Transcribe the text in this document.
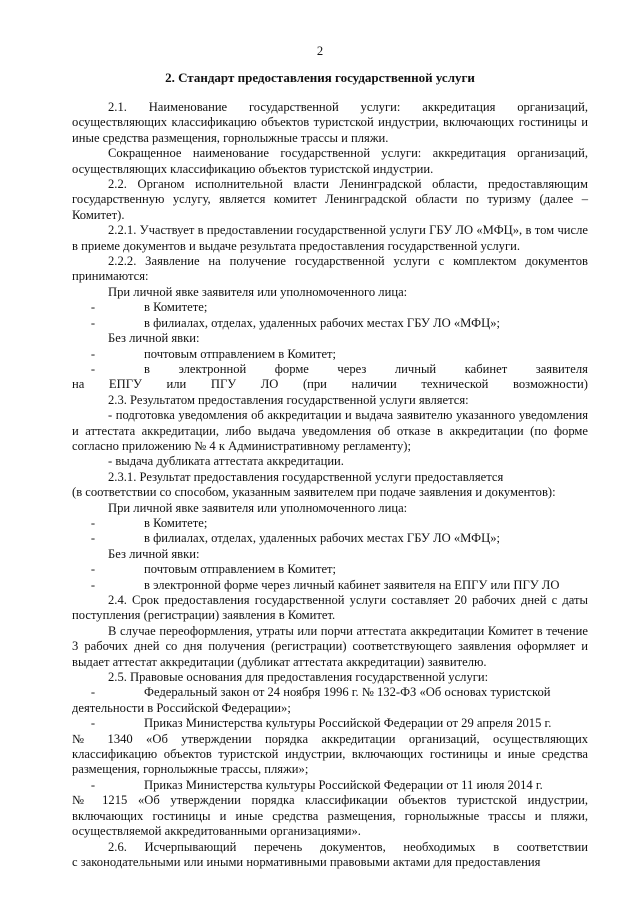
2
2. Стандарт предоставления государственной услуги
2.1. Наименование государственной услуги: аккредитация организаций,

осуществляющих классификацию объектов туристской индустрии, включающих гостиницы и иные средства размещения, горнолыжные трассы и пляжи.

Сокращенное наименование государственной услуги: аккредитация организаций, осуществляющих классификацию объектов туристской индустрии.

2.2. Органом исполнительной власти Ленинградской области, предоставляющим государственную услугу, является комитет Ленинградской области по туризму (далее – Комитет).

2.2.1. Участвует в предоставлении государственной услуги ГБУ ЛО «МФЦ», в том числе в приеме документов и выдаче результата предоставления государственной услуги.

2.2.2. Заявление на получение государственной услуги с комплектом документов принимаются:

При личной явке заявителя или уполномоченного лица:

-	в Комитете;
-	в филиалах, отделах, удаленных рабочих местах ГБУ ЛО «МФЦ»;

Без личной явки:

-	почтовым отправлением в Комитет;
-	в электронной форме через личный кабинет заявителя
на ЕПГУ или ПГУ ЛО (при наличии технической возможности)

2.3. Результатом предоставления государственной услуги является:

- подготовка уведомления об аккредитации и выдача заявителю указанного уведомления и аттестата аккредитации, либо выдача уведомления об отказе в аккредитации (по форме согласно приложению № 4 к Административному регламенту);

- выдача дубликата аттестата аккредитации.

2.3.1. Результат предоставления государственной услуги предоставляется

(в соответствии со способом, указанным заявителем при подаче заявления и документов):

При личной явке заявителя или уполномоченного лица:

-	в Комитете;
-	в филиалах, отделах, удаленных рабочих местах ГБУ ЛО «МФЦ»;

Без личной явки:

-	почтовым отправлением в Комитет;
-	в электронной форме через личный кабинет заявителя на ЕПГУ или ПГУ ЛО

2.4. Срок предоставления государственной услуги составляет 20 рабочих дней с даты поступления (регистрации) заявления в Комитет.

В случае переоформления, утраты или порчи аттестата аккредитации Комитет в течение 3 рабочих дней со дня получения (регистрации) соответствующего заявления оформляет и выдает аттестат аккредитации (дубликат аттестата аккредитации) заявителю.

2.5. Правовые основания для предоставления государственной услуги:

-	Федеральный закон от 24 ноября 1996 г. № 132-ФЗ «Об основах туристской

деятельности в Российской Федерации»;

-	Приказ Министерства культуры Российской Федерации от 29 апреля 2015 г.

№ 1340 «Об утверждении порядка аккредитации организаций, осуществляющих классификацию объектов туристской индустрии, включающих гостиницы и иные средства размещения, горнолыжные трассы, пляжи»;

-	Приказ Министерства культуры Российской Федерации от 11 июля 2014 г.

№ 1215 «Об утверждении порядка классификации объектов туристской индустрии, включающих гостиницы и иные средства размещения, горнолыжные трассы и пляжи, осуществляемой аккредитованными организациями».

2.6. Исчерпывающий перечень документов, необходимых в соответствии

с законодательными или иными нормативными правовыми актами для предоставления
